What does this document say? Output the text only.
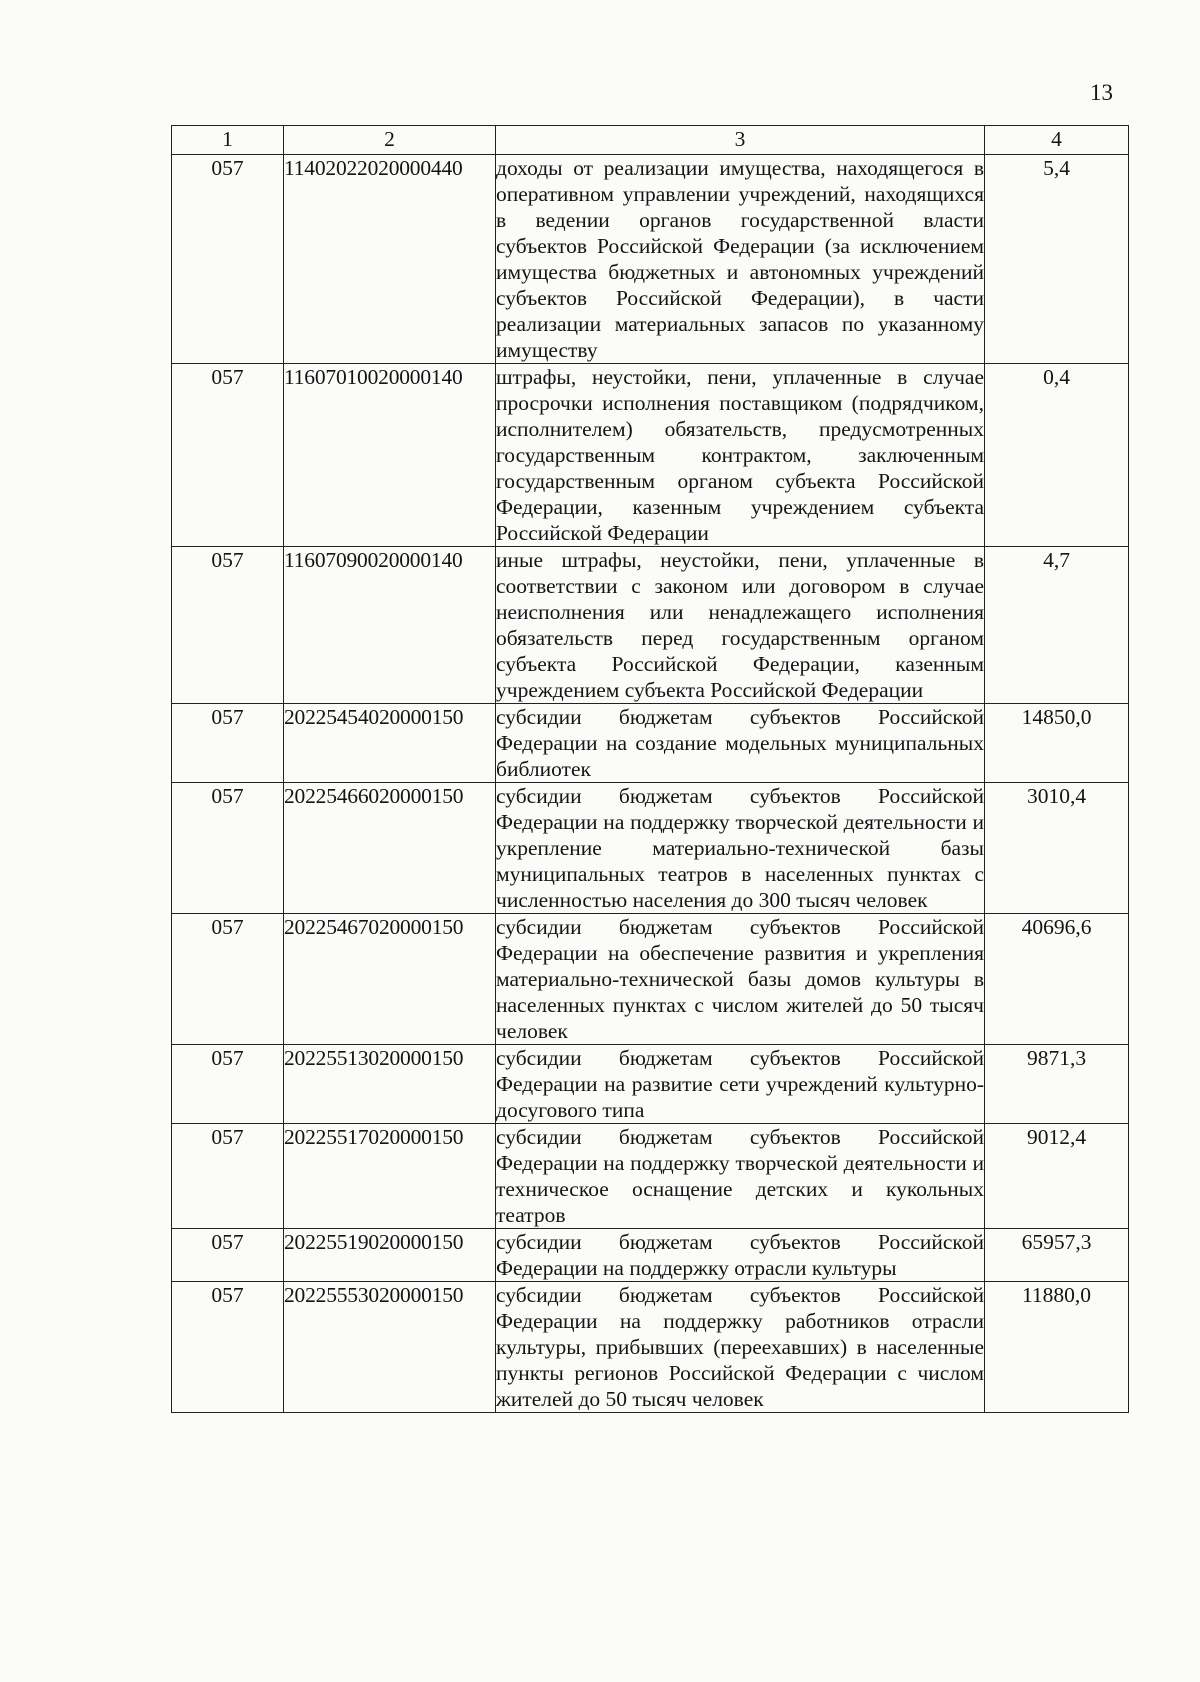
13
1	2	3	4
057	11402022020000440	доходы от реализации имущества, находящегося в оперативном управлении учреждений, находящихся в ведении органов государственной власти субъектов Российской Федерации (за исключением имущества бюджетных и автономных учреждений субъектов Российской Федерации), в части реализации материальных запасов по указанному имуществу	5,4
057	11607010020000140	штрафы, неустойки, пени, уплаченные в случае просрочки исполнения поставщиком (подрядчиком, исполнителем) обязательств, предусмотренных государственным контрактом, заключенным государственным органом субъекта Российской Федерации, казенным учреждением субъекта Российской Федерации	0,4
057	11607090020000140	иные штрафы, неустойки, пени, уплаченные в соответствии с законом или договором в случае неисполнения или ненадлежащего исполнения обязательств перед государственным органом субъекта Российской Федерации, казенным учреждением субъекта Российской Федерации	4,7
057	20225454020000150	субсидии бюджетам субъектов Российской Федерации на создание модельных муниципальных библиотек	14850,0
057	20225466020000150	субсидии бюджетам субъектов Российской Федерации на поддержку творческой деятельности и укрепление материально-технической базы муниципальных театров в населенных пунктах с численностью населения до 300 тысяч человек	3010,4
057	20225467020000150	субсидии бюджетам субъектов Российской Федерации на обеспечение развития и укрепления материально-технической базы домов культуры в населенных пунктах с числом жителей до 50 тысяч человек	40696,6
057	20225513020000150	субсидии бюджетам субъектов Российской Федерации на развитие сети учреждений культурно-досугового типа	9871,3
057	20225517020000150	субсидии бюджетам субъектов Российской Федерации на поддержку творческой деятельности и техническое оснащение детских и кукольных театров	9012,4
057	20225519020000150	субсидии бюджетам субъектов Российской Федерации на поддержку отрасли культуры	65957,3
057	20225553020000150	субсидии бюджетам субъектов Российской Федерации на поддержку работников отрасли культуры, прибывших (переехавших) в населенные пункты регионов Российской Федерации с числом жителей до 50 тысяч человек	11880,0
